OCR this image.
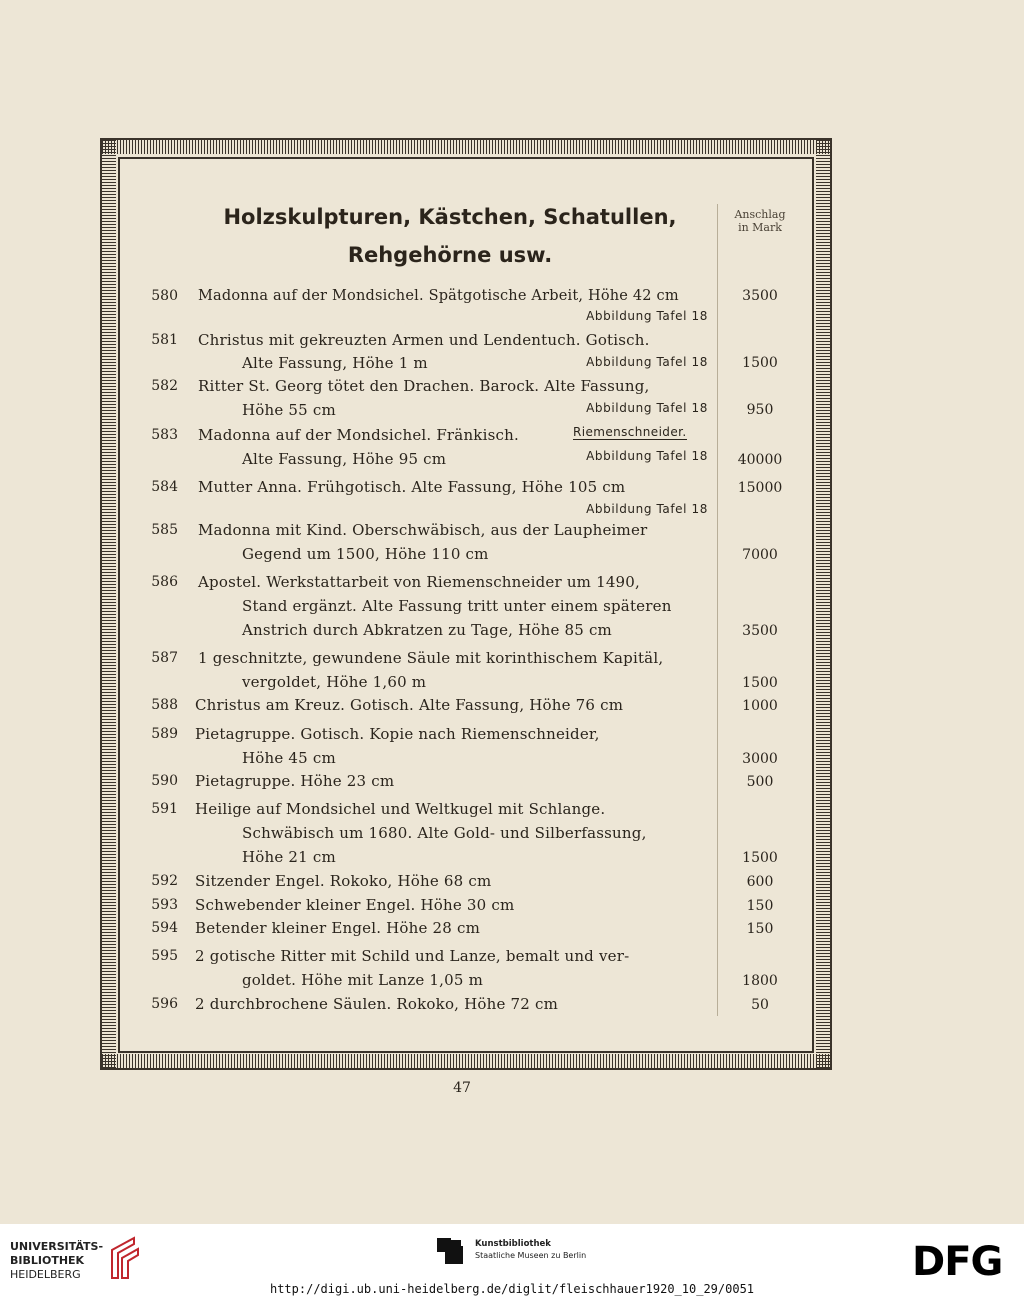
Holzskulpturen, Kästchen, Schatullen,
Rehgehörne usw.
Anschlag
in Mark
580 Madonna auf der Mondsichel. Spätgotische Arbeit, Höhe 42 cm	3500
Abbildung Tafel 18
581 Christus mit gekreuzten Armen und Lendentuch. Gotisch.
Alte Fassung, Höhe 1 m	Abbildung Tafel 18	1500
582 Ritter St. Georg tötet den Drachen. Barock. Alte Fassung,
Höhe 55 cm	Abbildung Tafel 18	950
583 Madonna auf der Mondsichel. Fränkisch.	Riemenschneider.
Alte Fassung, Höhe 95 cm	Abbildung Tafel 18	40000
584 Mutter Anna. Frühgotisch. Alte Fassung, Höhe 105 cm	15000
Abbildung Tafel 18
585 Madonna mit Kind. Oberschwäbisch, aus der Laupheimer
Gegend um 1500, Höhe 110 cm	7000
586 Apostel. Werkstattarbeit von Riemenschneider um 1490,
Stand ergänzt. Alte Fassung tritt unter einem späteren
Anstrich durch Abkratzen zu Tage, Höhe 85 cm	3500
587 1 geschnitzte, gewundene Säule mit korinthischem Kapitäl,
vergoldet, Höhe 1,60 m	1500
588 Christus am Kreuz. Gotisch. Alte Fassung, Höhe 76 cm	1000
589 Pietagruppe. Gotisch. Kopie nach Riemenschneider,
Höhe 45 cm	3000
590 Pietagruppe. Höhe 23 cm	500
591 Heilige auf Mondsichel und Weltkugel mit Schlange.
Schwäbisch um 1680. Alte Gold- und Silberfassung,
Höhe 21 cm	1500
592 Sitzender Engel. Rokoko, Höhe 68 cm	600
593 Schwebender kleiner Engel. Höhe 30 cm	150
594 Betender kleiner Engel. Höhe 28 cm	150
595 2 gotische Ritter mit Schild und Lanze, bemalt und ver-
goldet. Höhe mit Lanze 1,05 m	1800
596 2 durchbrochene Säulen. Rokoko, Höhe 72 cm	50
47
UNIVERSITÄTS-
BIBLIOTHEK
HEIDELBERG
Kunstbibliothek
Staatliche Museen zu Berlin	DFG
http://digi.ub.uni-heidelberg.de/diglit/fleischhauer1920_10_29/0051
